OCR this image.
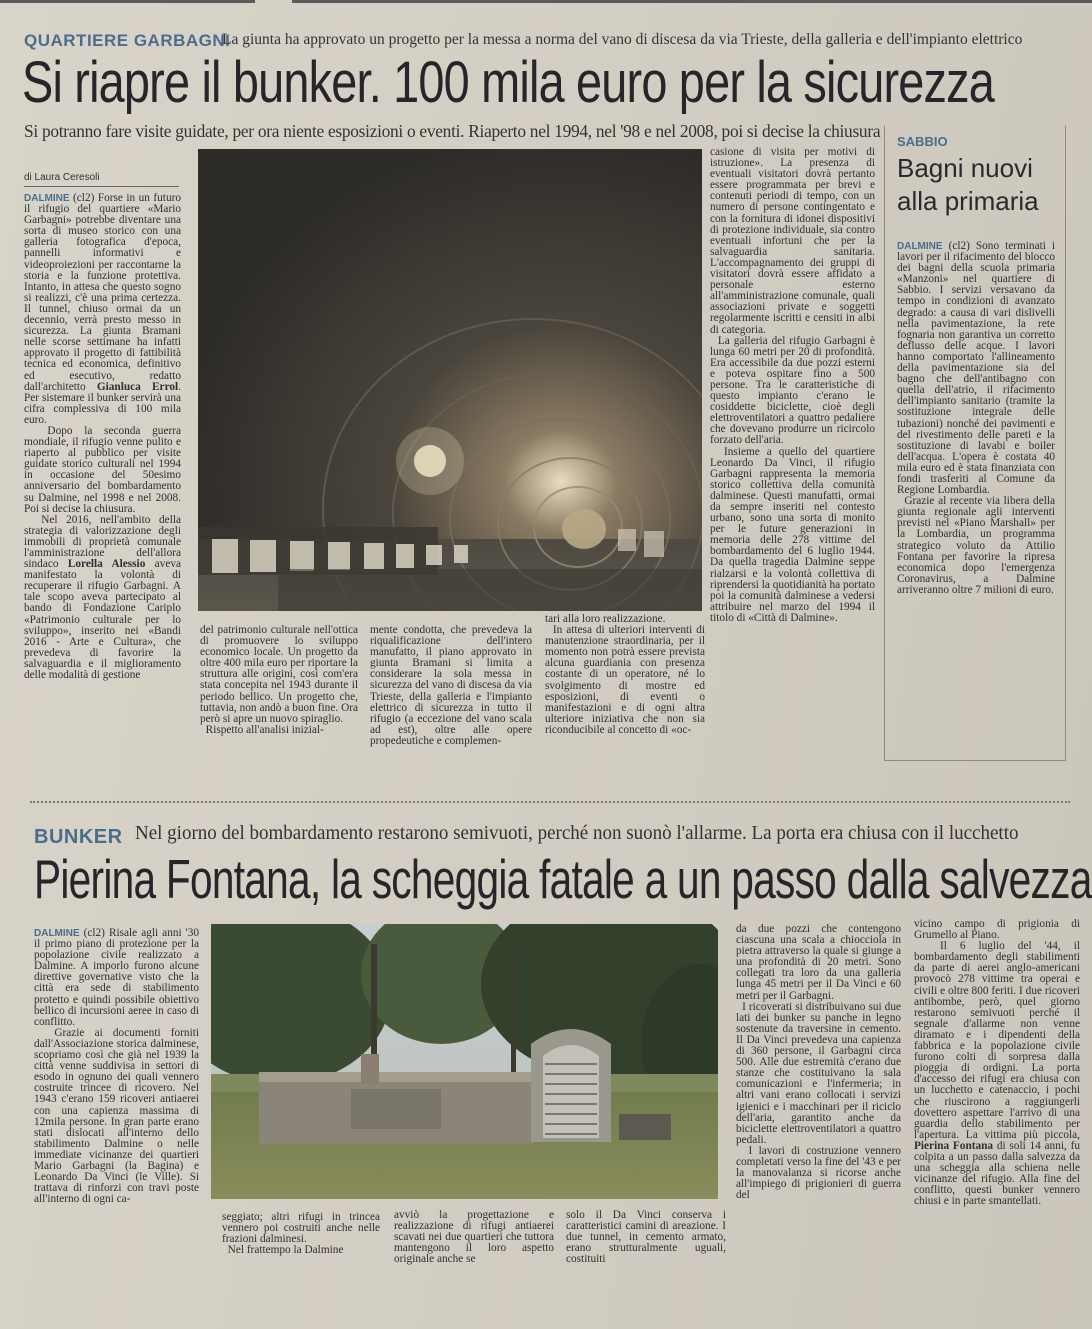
QUARTIERE GARBAGNI
La giunta ha approvato un progetto per la messa a norma del vano di discesa da via Trieste, della galleria e dell'impianto elettrico
Si riapre il bunker. 100 mila euro per la sicurezza
Si potranno fare visite guidate, per ora niente esposizioni o eventi. Riaperto nel 1994, nel '98 e nel 2008, poi si decise la chiusura
di Laura Ceresoli
DALMINE (cl2) Forse in un futuro il rifugio del quartiere «Mario Garbagni» potrebbe diventare una sorta di museo storico con una galleria fotografica d'epoca, pannelli informativi e videoproiezioni per raccontarne la storia e la funzione protettiva. Intanto, in attesa che questo sogno si realizzi, c'è una prima certezza. Il tunnel, chiuso ormai da un decennio, verrà presto messo in sicurezza. La giunta Bramani nelle scorse settimane ha infatti approvato il progetto di fattibilità tecnica ed economica, definitivo ed esecutivo, redatto dall'architetto Gianluca Errol. Per sistemare il bunker servirà una cifra complessiva di 100 mila euro.
Dopo la seconda guerra mondiale, il rifugio venne pulito e riaperto al pubblico per visite guidate storico culturali nel 1994 in occasione del 50esimo anniversario del bombardamento su Dalmine, nel 1998 e nel 2008. Poi si decise la chiusura.
Nel 2016, nell'ambito della strategia di valorizzazione degli immobili di proprietà comunale l'amministrazione dell'allora sindaco Lorella Alessio aveva manifestato la volontà di recuperare il rifugio Garbagni. A tale scopo aveva partecipato al bando di Fondazione Cariplo «Patrimonio culturale per lo sviluppo», inserito nei «Bandi 2016 - Arte e Cultura», che prevedeva di favorire la salvaguardia e il miglioramento delle modalità di gestione
del patrimonio culturale nell'ottica di promuovere lo sviluppo economico locale. Un progetto da oltre 400 mila euro per riportare la struttura alle origini, così com'era stata concepita nel 1943 durante il periodo bellico. Un progetto che, tuttavia, non andò a buon fine. Ora però si apre un nuovo spiraglio.
Rispetto all'analisi inizial-
mente condotta, che prevedeva la riqualificazione dell'intero manufatto, il piano approvato in giunta Bramani si limita a considerare la sola messa in sicurezza del vano di discesa da via Trieste, della galleria e l'impianto elettrico di sicurezza in tutto il rifugio (a eccezione del vano scala ad est), oltre alle opere propedeutiche e complemen-
tari alla loro realizzazione.
In attesa di ulteriori interventi di manutenzione straordinaria, per il momento non potrà essere prevista alcuna guardiania con presenza costante di un operatore, né lo svolgimento di mostre ed esposizioni, di eventi o manifestazioni e di ogni altra ulteriore iniziativa che non sia riconducibile al concetto di «oc-
casione di visita per motivi di istruzione». La presenza di eventuali visitatori dovrà pertanto essere programmata per brevi e contenuti periodi di tempo, con un numero di persone contingentato e con la fornitura di idonei dispositivi di protezione individuale, sia contro eventuali infortuni che per la salvaguardia sanitaria. L'accompagnamento dei gruppi di visitatori dovrà essere affidato a personale esterno all'amministrazione comunale, quali associazioni private e soggetti regolarmente iscritti e censiti in albi di categoria.
La galleria del rifugio Garbagni è lunga 60 metri per 20 di profondità. Era accessibile da due pozzi esterni e poteva ospitare fino a 500 persone. Tra le caratteristiche di questo impianto c'erano le cosiddette biciclette, cioè degli elettroventilatori a quattro pedaliere che dovevano produrre un ricircolo forzato dell'aria.
Insieme a quello del quartiere Leonardo Da Vinci, il rifugio Garbagni rappresenta la memoria storico collettiva della comunità dalminese. Questi manufatti, ormai da sempre inseriti nel contesto urbano, sono una sorta di monito per le future generazioni in memoria delle 278 vittime del bombardamento del 6 luglio 1944. Da quella tragedia Dalmine seppe rialzarsi e la volontà collettiva di riprendersi la quotidianità ha portato poi la comunità dalminese a vedersi attribuire nel marzo del 1994 il titolo di «Città di Dalmine».
SABBIO
Bagni nuovi alla primaria
DALMINE (cl2) Sono terminati i lavori per il rifacimento del blocco dei bagni della scuola primaria «Manzoni» nel quartiere di Sabbio. I servizi versavano da tempo in condizioni di avanzato degrado: a causa di vari dislivelli nella pavimentazione, la rete fognaria non garantiva un corretto deflusso delle acque. I lavori hanno comportato l'allineamento della pavimentazione sia del bagno che dell'antibagno con quella dell'atrio, il rifacimento dell'impianto sanitario (tramite la sostituzione integrale delle tubazioni) nonché dei pavimenti e del rivestimento delle pareti e la sostituzione di lavabi e boiler dell'acqua. L'opera è costata 40 mila euro ed è stata finanziata con fondi trasferiti al Comune da Regione Lombardia.
Grazie al recente via libera della giunta regionale agli interventi previsti nel «Piano Marshall» per la Lombardia, un programma strategico voluto da Attilio Fontana per favorire la ripresa economica dopo l'emergenza Coronavirus, a Dalmine arriveranno oltre 7 milioni di euro.
BUNKER Nel giorno del bombardamento restarono semivuoti, perché non suonò l'allarme. La porta era chiusa con il lucchetto
Pierina Fontana, la scheggia fatale a un passo dalla salvezza
DALMINE (cl2) Risale agli anni '30 il primo piano di protezione per la popolazione civile realizzato a Dalmine. A imporlo furono alcune direttive governative visto che la città era sede di stabilimento protetto e quindi possibile obiettivo bellico di incursioni aeree in caso di conflitto.
Grazie ai documenti forniti dall'Associazione storica dalminese, scopriamo così che già nel 1939 la città venne suddivisa in settori di esodo in ognuno dei quali vennero costruite trincee di ricovero. Nel 1943 c'erano 159 ricoveri antiaerei con una capienza massima di 12mila persone. In gran parte erano stati dislocati all'interno dello stabilimento Dalmine o nelle immediate vicinanze dei quartieri Mario Garbagni (la Bagina) e Leonardo Da Vinci (le Ville). Si trattava di rinforzi con travi poste all'interno di ogni ca-
seggiato; altri rifugi in trincea vennero poi costruiti anche nelle frazioni dalminesi.
Nel frattempo la Dalmine
avviò la progettazione e realizzazione di rifugi antiaerei scavati nei due quartieri che tuttora mantengono il loro aspetto originale anche se
solo il Da Vinci conserva i caratteristici camini di areazione. I due tunnel, in cemento armato, erano strutturalmente uguali, costituiti
da due pozzi che contengono ciascuna una scala a chiocciola in pietra attraverso la quale si giunge a una profondità di 20 metri. Sono collegati tra loro da una galleria lunga 45 metri per il Da Vinci e 60 metri per il Garbagni.
I ricoverati si distribuivano sui due lati dei bunker su panche in legno sostenute da traversine in cemento. Il Da Vinci prevedeva una capienza di 360 persone, il Garbagni circa 500. Alle due estremità c'erano due stanze che costituivano la sala comunicazioni e l'infermeria; in altri vani erano collocati i servizi igienici e i macchinari per il riciclo dell'aria, garantito anche da biciclette elettroventilatori a quattro pedali.
I lavori di costruzione vennero completati verso la fine del '43 e per la manovalanza si ricorse anche all'impiego di prigionieri di guerra del
vicino campo di prigionia di Grumello al Piano.
Il 6 luglio del '44, il bombardamento degli stabilimenti da parte di aerei anglo-americani provocò 278 vittime tra operai e civili e oltre 800 feriti. I due ricoveri antibombe, però, quel giorno restarono semivuoti perché il segnale d'allarme non venne diramato e i dipendenti della fabbrica e la popolazione civile furono colti di sorpresa dalla pioggia di ordigni. La porta d'accesso dei rifugi era chiusa con un lucchetto e catenaccio, i pochi che riuscirono a raggiungerli dovettero aspettare l'arrivo di una guardia dello stabilimento per l'apertura. La vittima più piccola, Pierina Fontana di soli 14 anni, fu colpita a un passo dalla salvezza da una scheggia alla schiena nelle vicinanze del rifugio. Alla fine del conflitto, questi bunker vennero chiusi e in parte smantellati.
